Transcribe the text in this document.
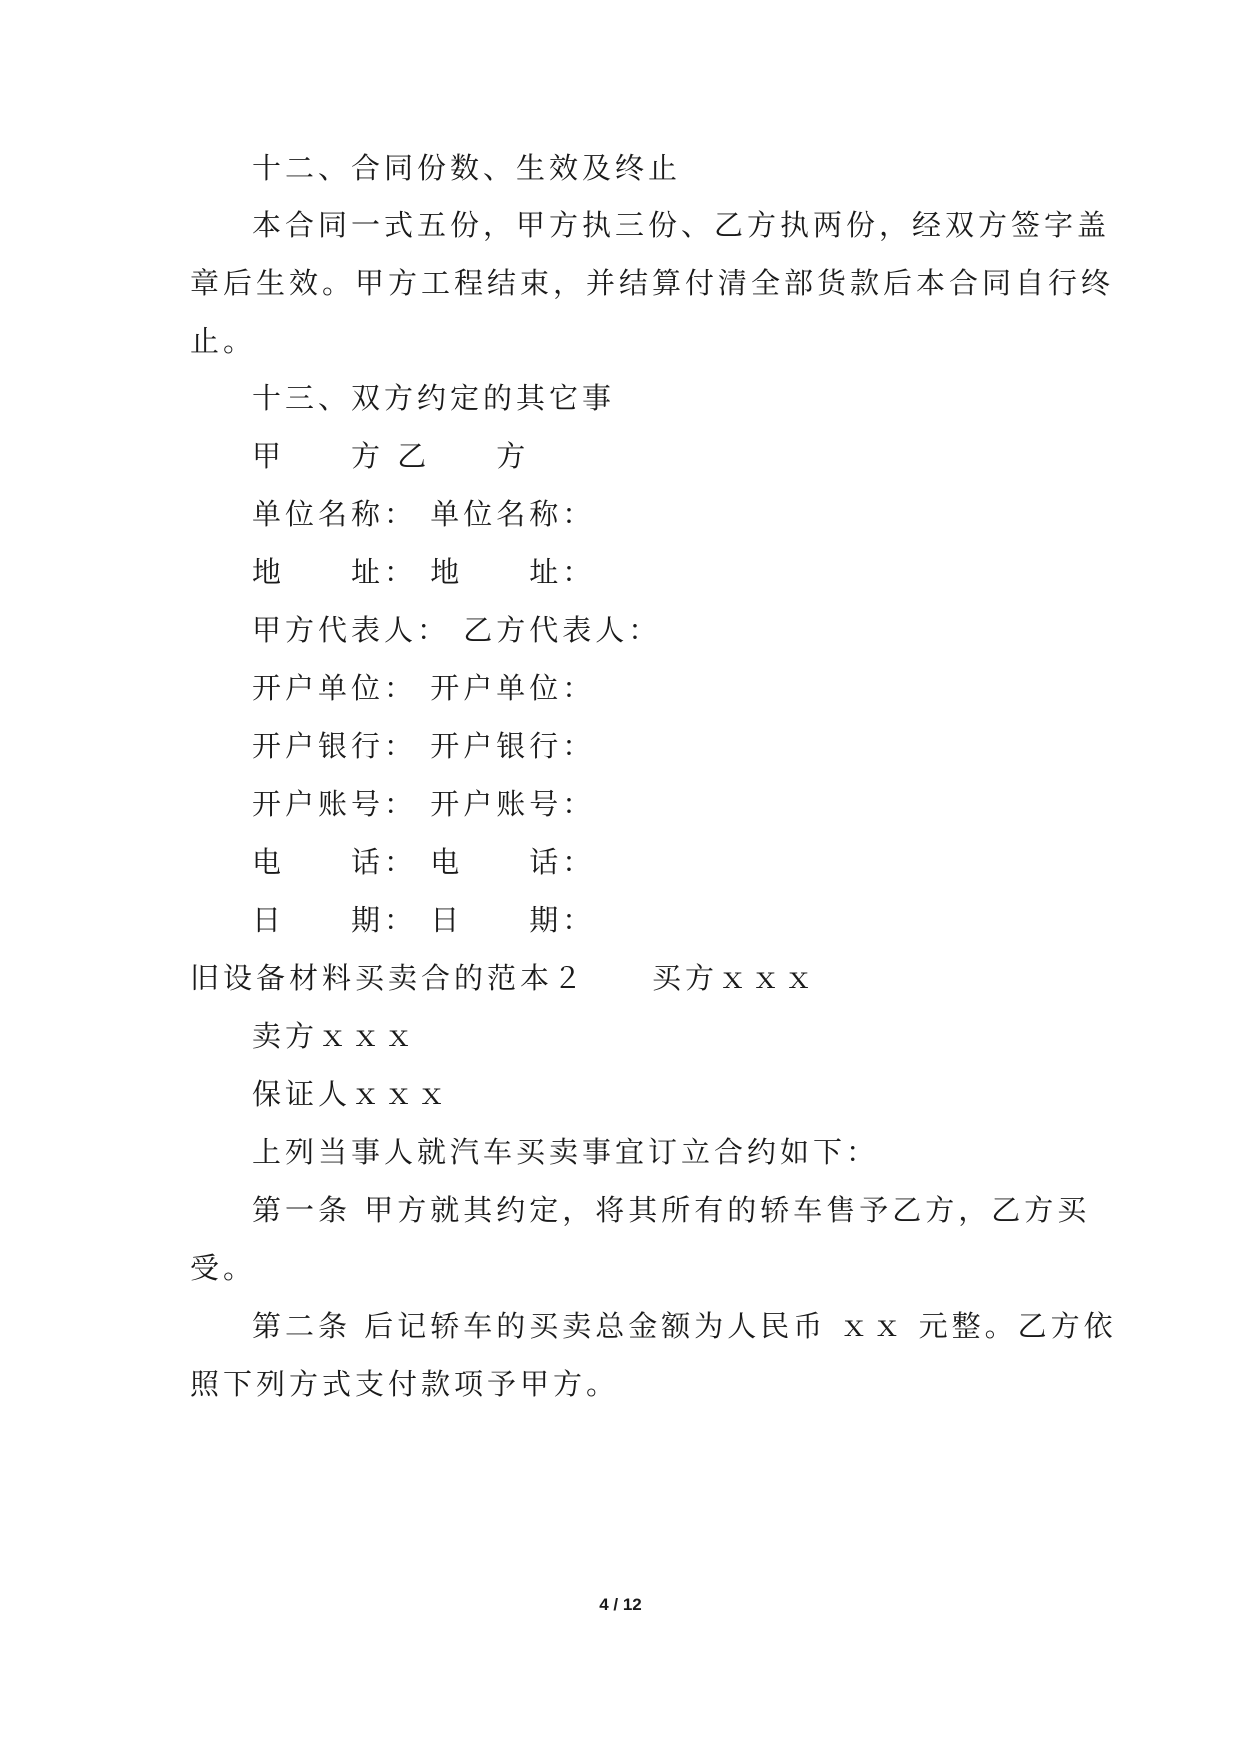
十二、合同份数、生效及终止
本合同一式五份，甲方执三份、乙方执两份，经双方签字盖
章后生效。甲方工程结束，并结算付清全部货款后本合同自行终
止。
十三、双方约定的其它事
甲　　方 乙　　方
单位名称： 单位名称：
地　　址： 地　　址：
甲方代表人： 乙方代表人：
开户单位： 开户单位：
开户银行： 开户银行：
开户账号： 开户账号：
电　　话： 电　　话：
日　　期： 日　　期：
旧设备材料买卖合的范本２　　买方ｘｘｘ
卖方ｘｘｘ
保证人ｘｘｘ
上列当事人就汽车买卖事宜订立合约如下：
第一条 甲方就其约定，将其所有的轿车售予乙方，乙方买
受。
第二条 后记轿车的买卖总金额为人民币 ｘｘ 元整。乙方依
照下列方式支付款项予甲方。
4 / 12
